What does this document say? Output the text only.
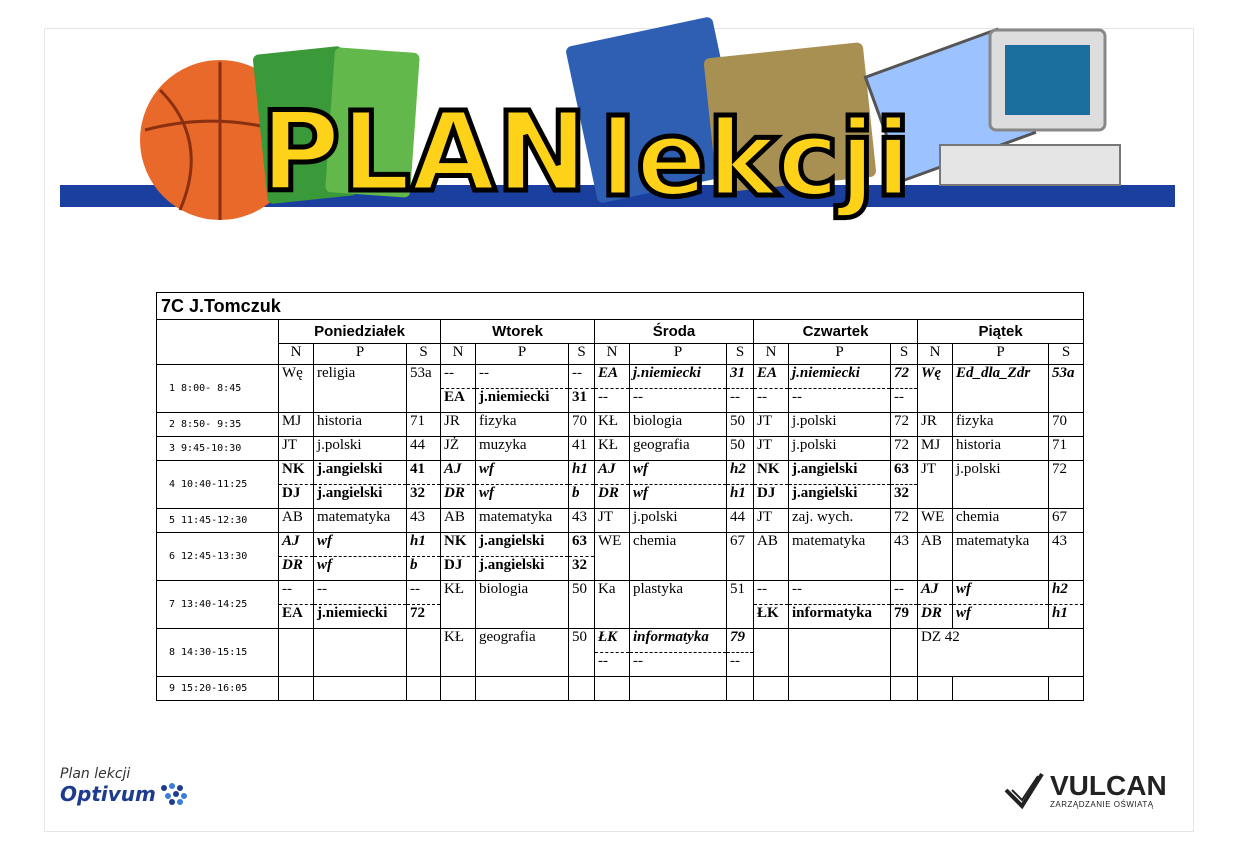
PLAN lekcji
7C J.Tomczuk															
	Poniedziałek			Wtorek			Środa			Czwartek			Piątek		
	N	P	S	N	P	S	N	P	S	N	P	S	N	P	S
1 8:00- 8:45	Wę	religia	53a	--	--	--	EA	j.niemiecki	31	EA	j.niemiecki	72	Wę	Ed_dla_Zdr	53a
				EA	j.niemiecki	31	--	--	--	--	--	--			
2 8:50- 9:35	MJ	historia	71	JR	fizyka	70	KŁ	biologia	50	JT	j.polski	72	JR	fizyka	70
3 9:45-10:30	JT	j.polski	44	JŻ	muzyka	41	KŁ	geografia	50	JT	j.polski	72	MJ	historia	71
4 10:40-11:25	NK	j.angielski	41	AJ	wf	h1	AJ	wf	h2	NK	j.angielski	63	JT	j.polski	72
	DJ	j.angielski	32	DR	wf	b	DR	wf	h1	DJ	j.angielski	32			
5 11:45-12:30	AB	matematyka	43	AB	matematyka	43	JT	j.polski	44	JT	zaj. wych.	72	WE	chemia	67
6 12:45-13:30	AJ	wf	h1	NK	j.angielski	63	WE	chemia	67	AB	matematyka	43	AB	matematyka	43
	DR	wf	b	DJ	j.angielski	32									
7 13:40-14:25	--	--	--	KŁ	biologia	50	Ka	plastyka	51	--	--	--	AJ	wf	h2
	EA	j.niemiecki	72							ŁK	informatyka	79	DR	wf	h1
8 14:30-15:15				KŁ	geografia	50	ŁK	informatyka	79				DZ 42		
							--	--	--						
9 15:20-16:05															
Plan lekcji
Optivum	VULCAN
ZARZĄDZANIE OŚWIATĄ
